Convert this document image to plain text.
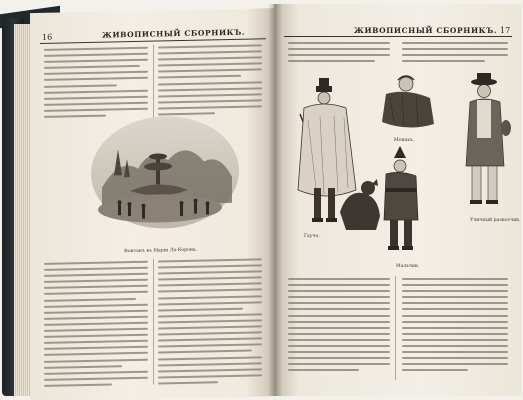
16	ЖИВОПИСНЫЙ СБОРНИКЪ.
Фонтанъ въ Маріи Ла-Корона.
ЖИВОПИСНЫЙ СБОРНИКЪ. 17
Гаучо.
Уличный разносчик.
Монахъ.
Мальчик.
